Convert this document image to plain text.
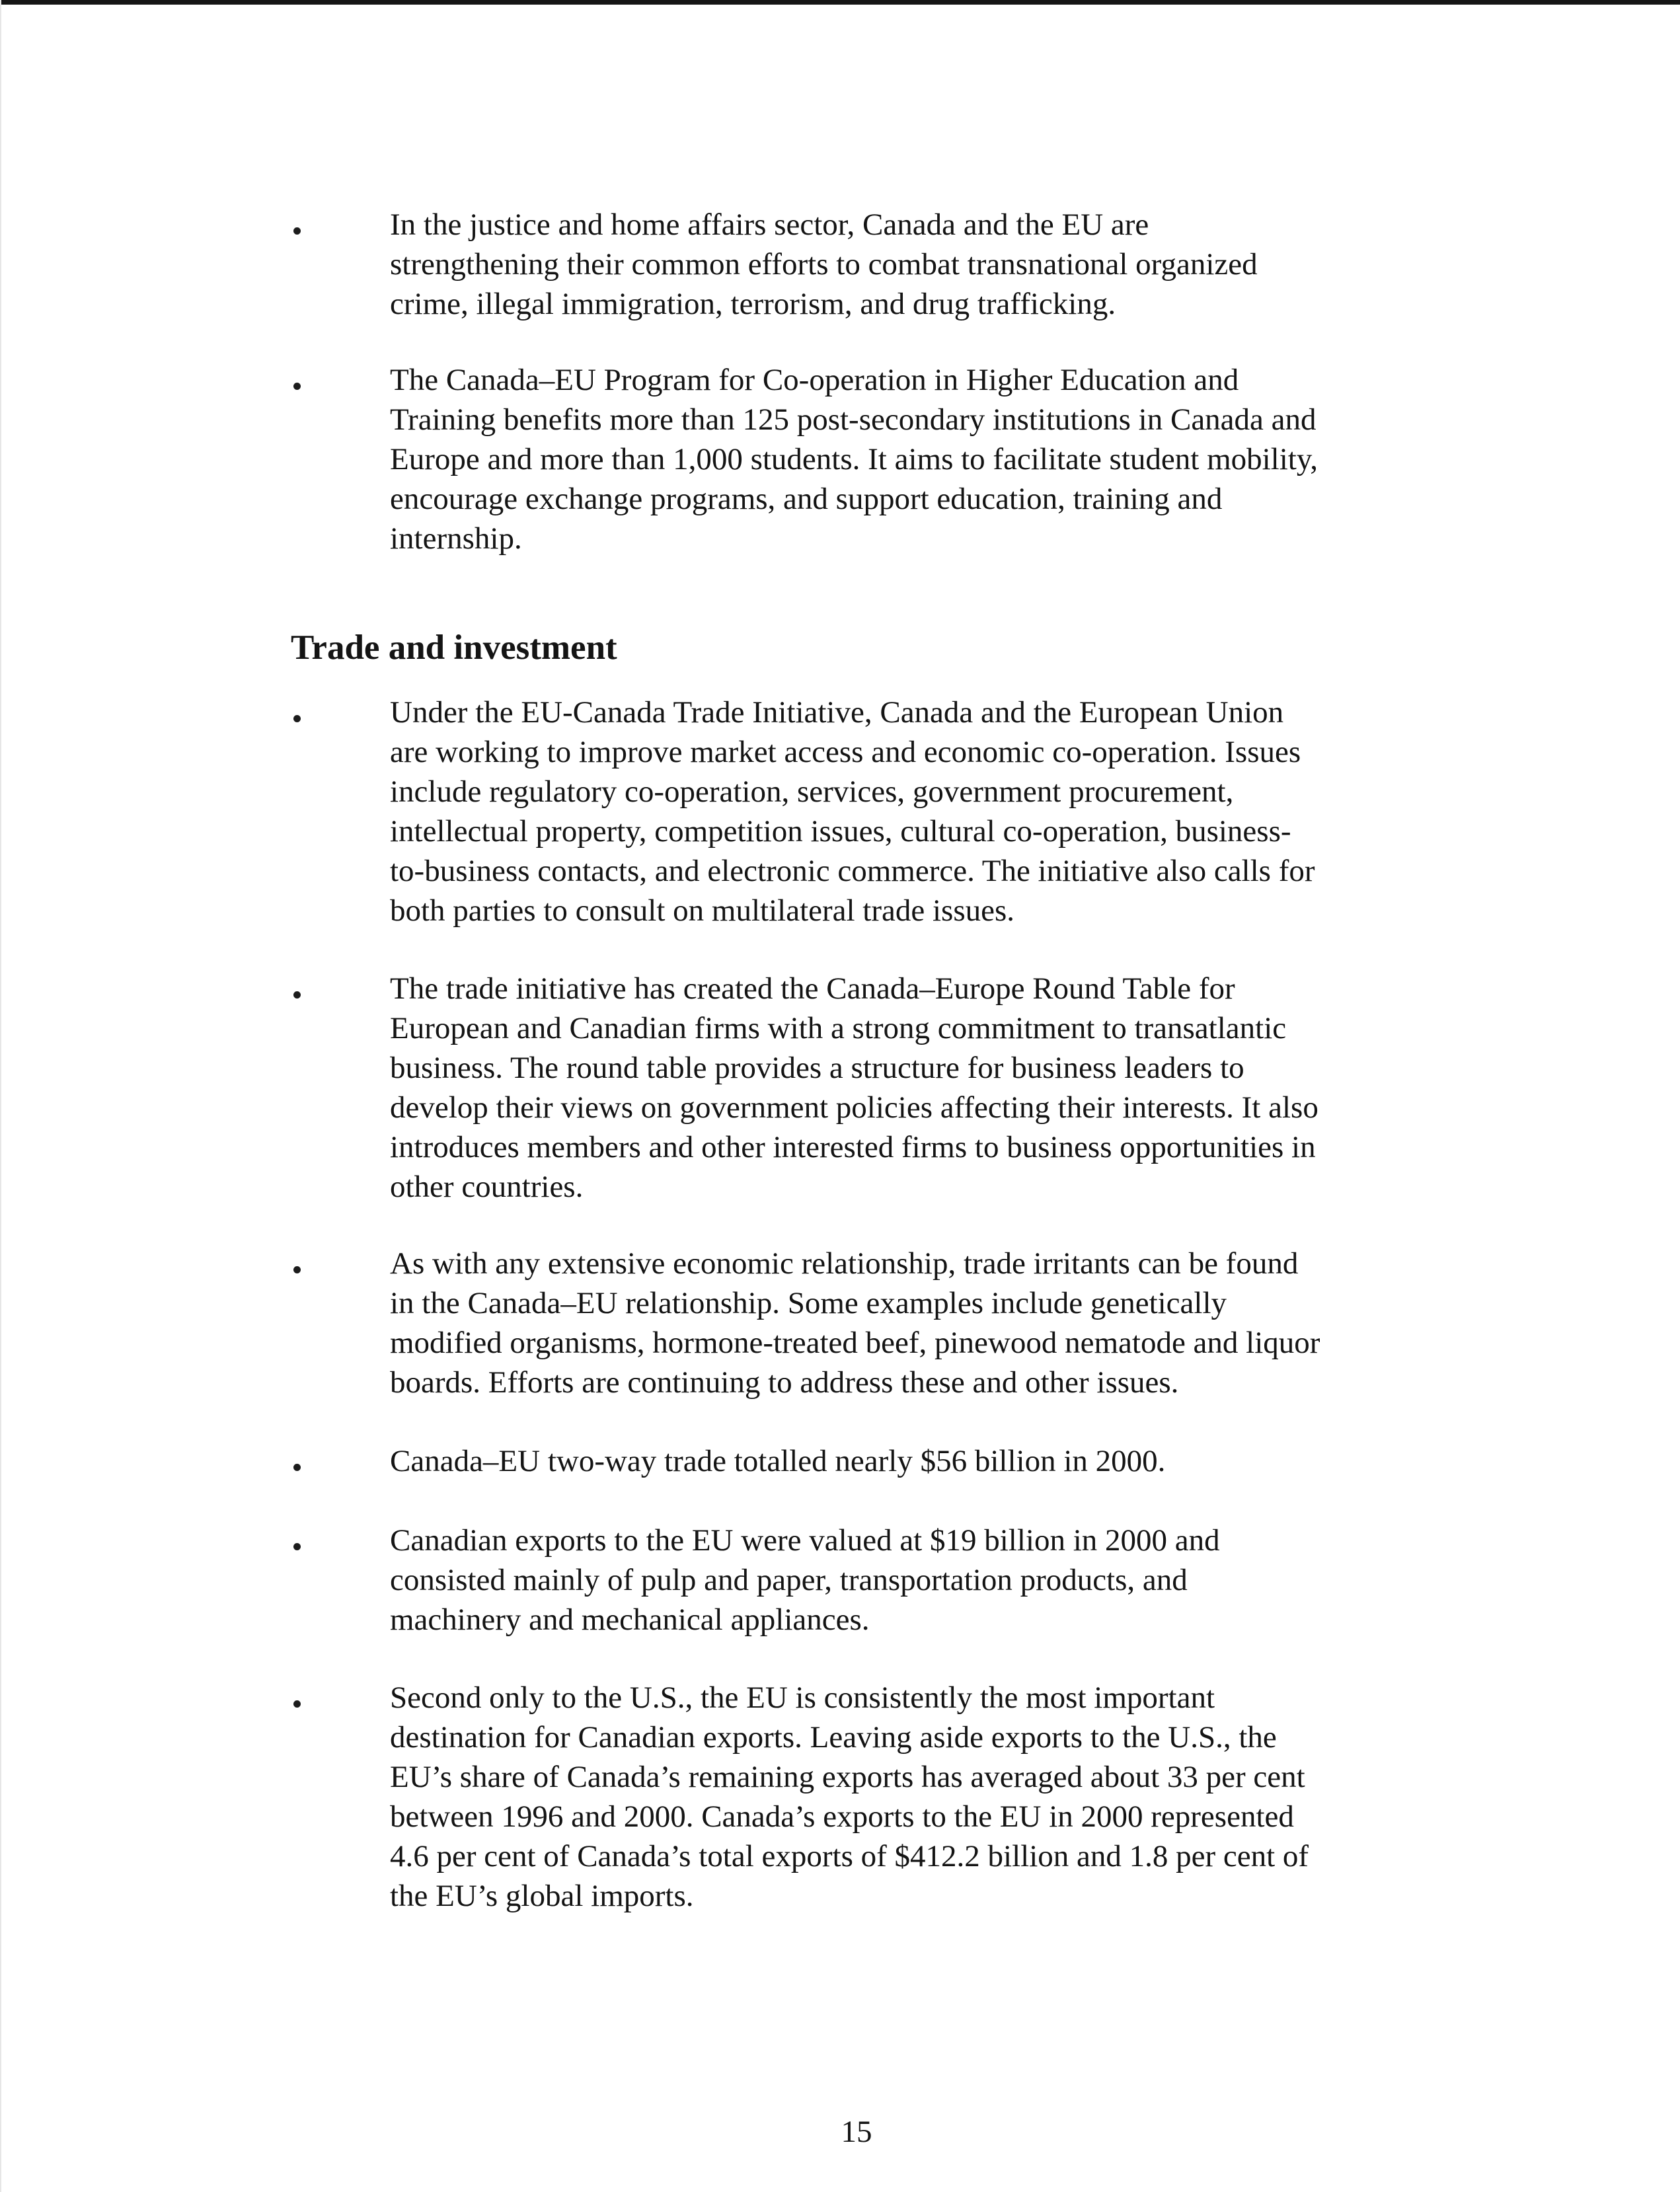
In the justice and home affairs sector, Canada and the EU are
strengthening their common efforts to combat transnational organized
crime, illegal immigration, terrorism, and drug trafficking.

The Canada–EU Program for Co-operation in Higher Education and
Training benefits more than 125 post-secondary institutions in Canada and
Europe and more than 1,000 students. It aims to facilitate student mobility,
encourage exchange programs, and support education, training and
internship.

Trade and investment

Under the EU-Canada Trade Initiative, Canada and the European Union
are working to improve market access and economic co-operation. Issues
include regulatory co-operation, services, government procurement,
intellectual property, competition issues, cultural co-operation, business-
to-business contacts, and electronic commerce. The initiative also calls for
both parties to consult on multilateral trade issues.

The trade initiative has created the Canada–Europe Round Table for
European and Canadian firms with a strong commitment to transatlantic
business. The round table provides a structure for business leaders to
develop their views on government policies affecting their interests. It also
introduces members and other interested firms to business opportunities in
other countries.

As with any extensive economic relationship, trade irritants can be found
in the Canada–EU relationship. Some examples include genetically
modified organisms, hormone-treated beef, pinewood nematode and liquor
boards. Efforts are continuing to address these and other issues.

Canada–EU two-way trade totalled nearly $56 billion in 2000.

Canadian exports to the EU were valued at $19 billion in 2000 and
consisted mainly of pulp and paper, transportation products, and
machinery and mechanical appliances.

Second only to the U.S., the EU is consistently the most important
destination for Canadian exports. Leaving aside exports to the U.S., the
EU’s share of Canada’s remaining exports has averaged about 33 per cent
between 1996 and 2000. Canada’s exports to the EU in 2000 represented
4.6 per cent of Canada’s total exports of $412.2 billion and 1.8 per cent of
the EU’s global imports.

15
